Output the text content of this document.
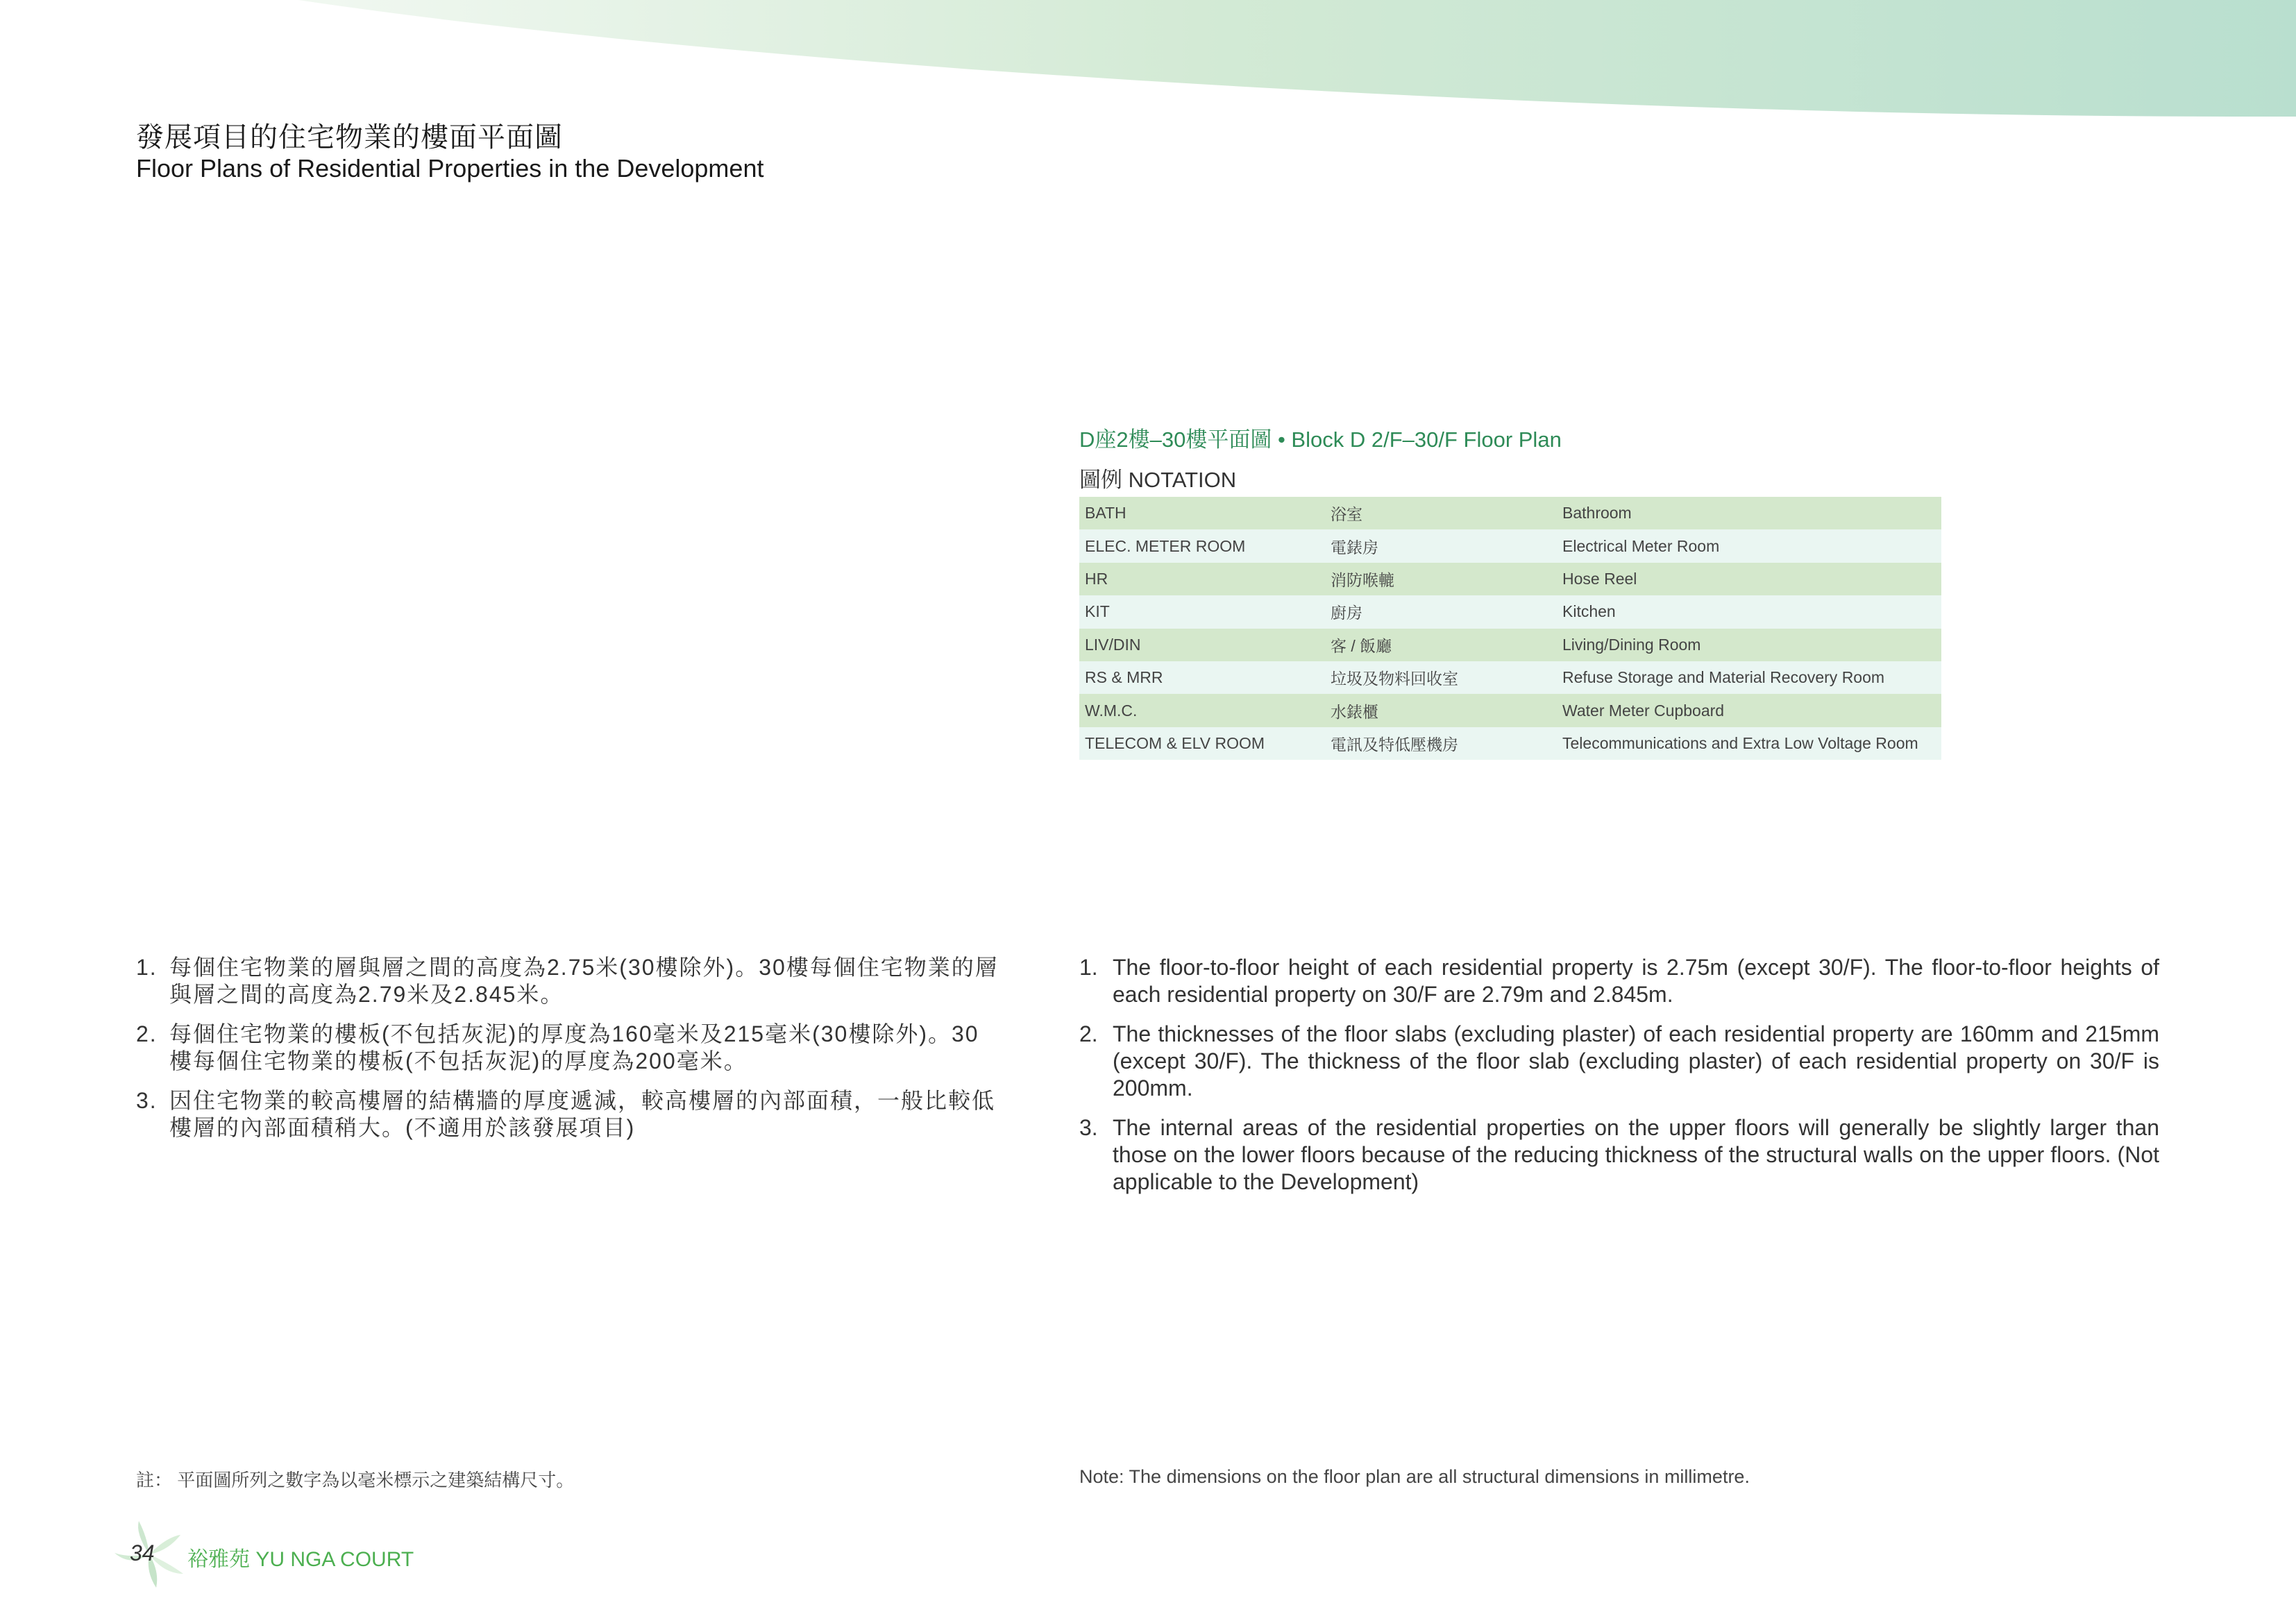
發展項目的住宅物業的樓面平面圖
Floor Plans of Residential Properties in the Development
D座2樓–30樓平面圖 • Block D 2/F–30/F Floor Plan
圖例 NOTATION
BATH	浴室	Bathroom
ELEC. METER ROOM	電錶房	Electrical Meter Room
HR	消防喉轆	Hose Reel
KIT	廚房	Kitchen
LIV/DIN	客 / 飯廳	Living/Dining Room
RS & MRR	垃圾及物料回收室	Refuse Storage and Material Recovery Room
W.M.C.	水錶櫃	Water Meter Cupboard
TELECOM & ELV ROOM	電訊及特低壓機房	Telecommunications and Extra Low Voltage Room
1. 每個住宅物業的層與層之間的高度為2.75米(30樓除外)。30樓每個住宅物業的層與層之間的高度為2.79米及2.845米。
2. 每個住宅物業的樓板(不包括灰泥)的厚度為160毫米及215毫米(30樓除外)。30樓每個住宅物業的樓板(不包括灰泥)的厚度為200毫米。
3. 因住宅物業的較高樓層的結構牆的厚度遞減，較高樓層的內部面積，一般比較低樓層的內部面積稍大。(不適用於該發展項目)
1. The floor-to-floor height of each residential property is 2.75m (except 30/F). The floor-to-floor heights of each residential property on 30/F are 2.79m and 2.845m.
2. The thicknesses of the floor slabs (excluding plaster) of each residential property are 160mm and 215mm (except 30/F). The thickness of the floor slab (excluding plaster) of each residential property on 30/F is 200mm.
3. The internal areas of the residential properties on the upper floors will generally be slightly larger than those on the lower floors because of the reducing thickness of the structural walls on the upper floors. (Not applicable to the Development)
註： 平面圖所列之數字為以毫米標示之建築結構尺寸。	Note: The dimensions on the floor plan are all structural dimensions in millimetre.
34 裕雅苑 YU NGA COURT
